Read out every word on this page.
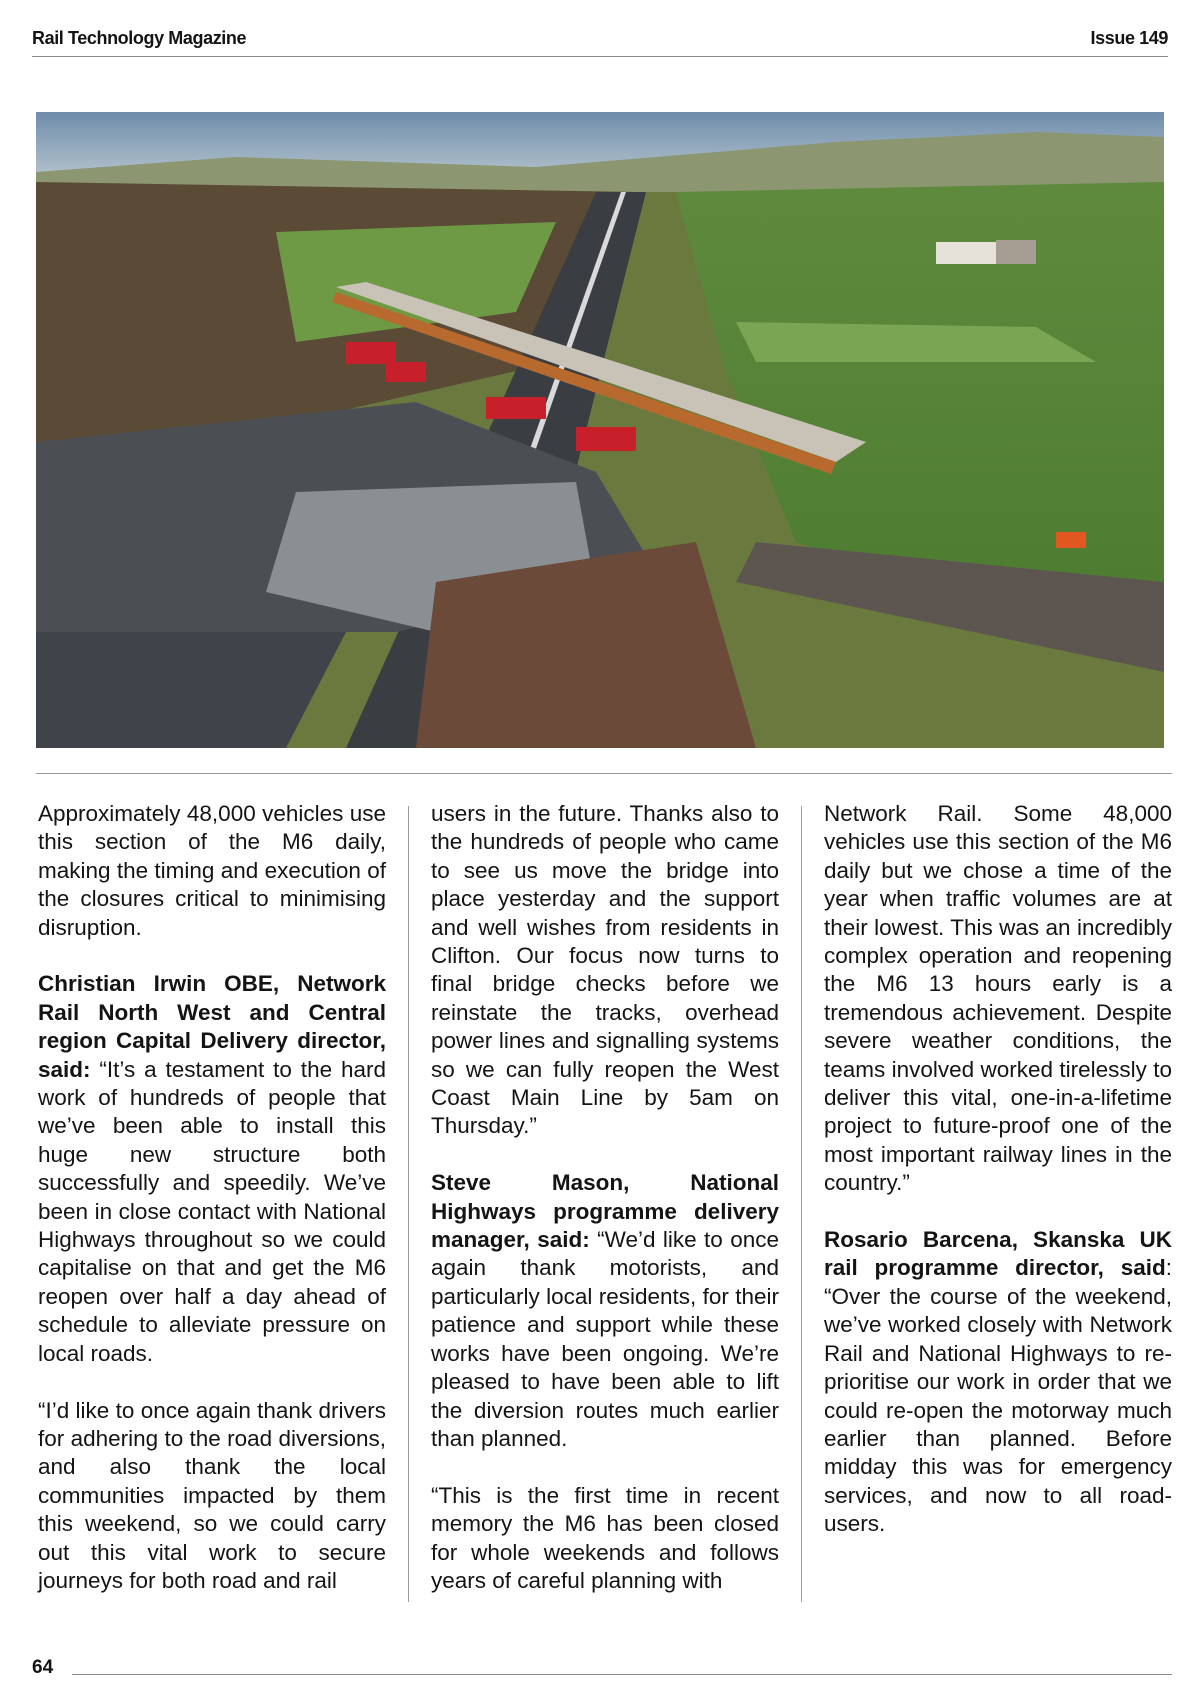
Rail Technology Magazine	Issue 149

Approximately 48,000 vehicles use this section of the M6 daily, making the timing and execution of the closures critical to minimising disruption.

Christian Irwin OBE, Network Rail North West and Central region Capital Delivery director, said: “It’s a testament to the hard work of hundreds of people that we’ve been able to install this huge new structure both successfully and speedily. We’ve been in close contact with National Highways throughout so we could capitalise on that and get the M6 reopen over half a day ahead of schedule to alleviate pressure on local roads.

“I’d like to once again thank drivers for adhering to the road diversions, and also thank the local communities impacted by them this weekend, so we could carry out this vital work to secure journeys for both road and rail

users in the future. Thanks also to the hundreds of people who came to see us move the bridge into place yesterday and the support and well wishes from residents in Clifton. Our focus now turns to final bridge checks before we reinstate the tracks, overhead power lines and signalling systems so we can fully reopen the West Coast Main Line by 5am on Thursday.”

Steve Mason, National Highways programme delivery manager, said: “We’d like to once again thank motorists, and particularly local residents, for their patience and support while these works have been ongoing. We’re pleased to have been able to lift the diversion routes much earlier than planned.

“This is the first time in recent memory the M6 has been closed for whole weekends and follows years of careful planning with

Network Rail. Some 48,000 vehicles use this section of the M6 daily but we chose a time of the year when traffic volumes are at their lowest. This was an incredibly complex operation and reopening the M6 13 hours early is a tremendous achievement. Despite severe weather conditions, the teams involved worked tirelessly to deliver this vital, one-in-a-lifetime project to future-proof one of the most important railway lines in the country.”

Rosario Barcena, Skanska UK rail programme director, said: “Over the course of the weekend, we’ve worked closely with Network Rail and National Highways to re-prioritise our work in order that we could re-open the motorway much earlier than planned. Before midday this was for emergency services, and now to all road-users.

64
